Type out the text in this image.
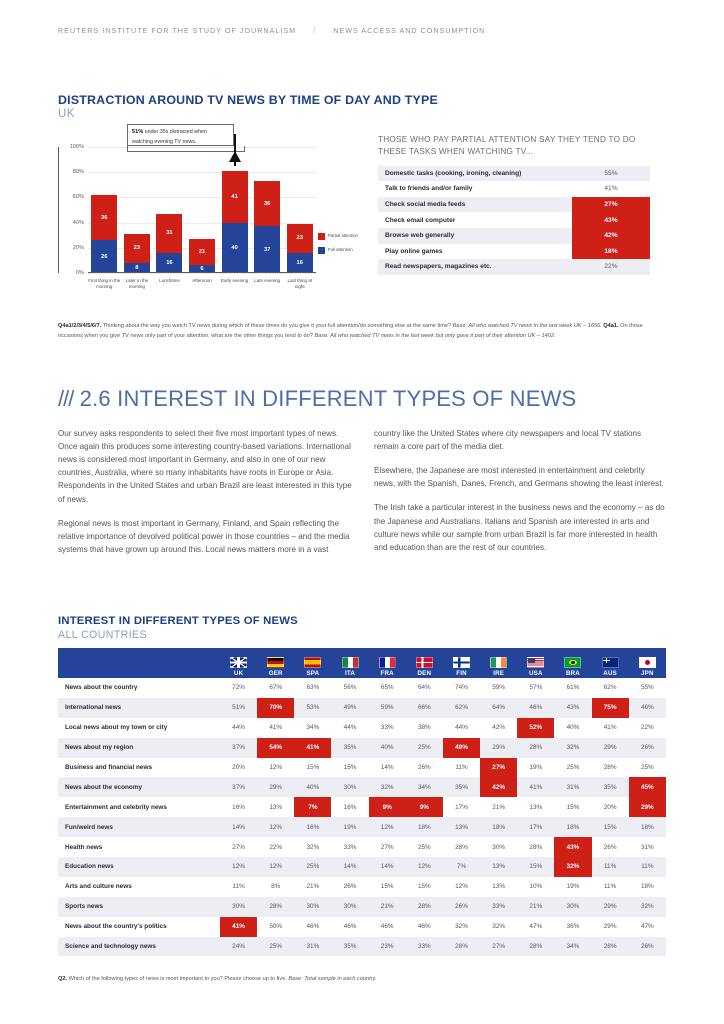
REUTERS INSTITUTE FOR THE STUDY OF JOURNALISM / NEWS ACCESS AND CONSUMPTION
DISTRACTION AROUND TV NEWS BY TIME OF DAY AND TYPE
UK
51% under 35s distracted when watching evening TV news.
0%
20%
40%
60%
80%
100%
36
26
23
8
31
16
21
6
41
40
36
37
23
16
First thing in the morning
Later in the morning
Lunchtime	Afternoon	Early evening	Late evening	Last thing at night
Partial attention
Full attention
THOSE WHO PAY PARTIAL ATTENTION SAY THEY TEND TO DO THESE TASKS WHEN WATCHING TV...
Domestic tasks (cooking, ironing, cleaning)	55%
Talk to friends and/or family	41%
Check social media feeds	27%
Check email computer	43%
Browse web generally	42%
Play online games	18%
Read newspapers, magazines etc.	22%
Q4a1/2/3/4/5/6/7. Thinking about the way you watch TV news during which of these times do you give it your full attention/do something else at the same time? Base: All who watched TV news in the last week UK – 1656. Q4a1. On those occasions when you give TV news only part of your attention, what are the other things you tend to do? Base: All who watched TV news in the last week but only gave it part of their attention UK – 1402.
/// 2.6 INTEREST IN DIFFERENT TYPES OF NEWS

Our survey asks respondents to select their five most important types of news. Once again this produces some interesting country-based variations. International news is considered most important in Germany, and also in one of our new countries, Australia, where so many inhabitants have roots in Europe or Asia. Respondents in the United States and urban Brazil are least interested in this type of news.

Regional news is most important in Germany, Finland, and Spain reflecting the relative importance of devolved political power in those countries – and the media systems that have grown up around this. Local news matters more in a vast

country like the United States where city newspapers and local TV stations remain a core part of the media diet.

Elsewhere, the Japanese are most interested in entertainment and celebrity news, with the Spanish, Danes, French, and Germans showing the least interest.

The Irish take a particular interest in the business news and the economy – as do the Japanese and Australians. Italians and Spanish are interested in arts and culture news while our sample from urban Brazil is far more interested in health and education than are the rest of our countries.

INTEREST IN DIFFERENT TYPES OF NEWS
ALL COUNTRIES

	UK	GER	SPA	ITA	FRA	DEN	FIN	IRE	USA	BRA	AUS	JPN

News about the country	72%	67%	63%	56%	65%	64%	74%	59%	57%	61%	62%	55%
International news	51%	70%	53%	49%	59%	66%	62%	64%	46%	43%	75%	46%
Local news about my town or city	44%	41%	34%	44%	33%	38%	44%	42%	52%	40%	41%	22%
News about my region	37%	54%	41%	35%	40%	25%	49%	29%	28%	32%	29%	26%
Business and financial news	20%	12%	15%	15%	14%	26%	11%	27%	19%	25%	28%	25%
News about the economy	37%	29%	40%	30%	32%	34%	35%	42%	41%	31%	35%	45%
Entertainment and celebrity news	16%	13%	7%	16%	9%	9%	17%	21%	13%	15%	20%	29%
Fun/weird news	14%	12%	16%	19%	12%	18%	13%	18%	17%	18%	15%	18%
Health news	27%	22%	32%	33%	27%	25%	28%	30%	28%	43%	26%	31%
Education news	12%	12%	25%	14%	14%	12%	7%	13%	15%	32%	11%	11%
Arts and culture news	11%	8%	21%	26%	15%	15%	12%	13%	10%	19%	11%	18%
Sports news	30%	28%	30%	30%	21%	28%	26%	33%	21%	30%	29%	32%
News about the country's politics	41%	50%	46%	46%	46%	46%	32%	32%	47%	36%	29%	47%
Science and technology news	24%	25%	31%	35%	23%	33%	28%	27%	28%	34%	28%	26%
Q2. Which of the following types of news is most important to you? Please choose up to five. Base: Total sample in each country.
